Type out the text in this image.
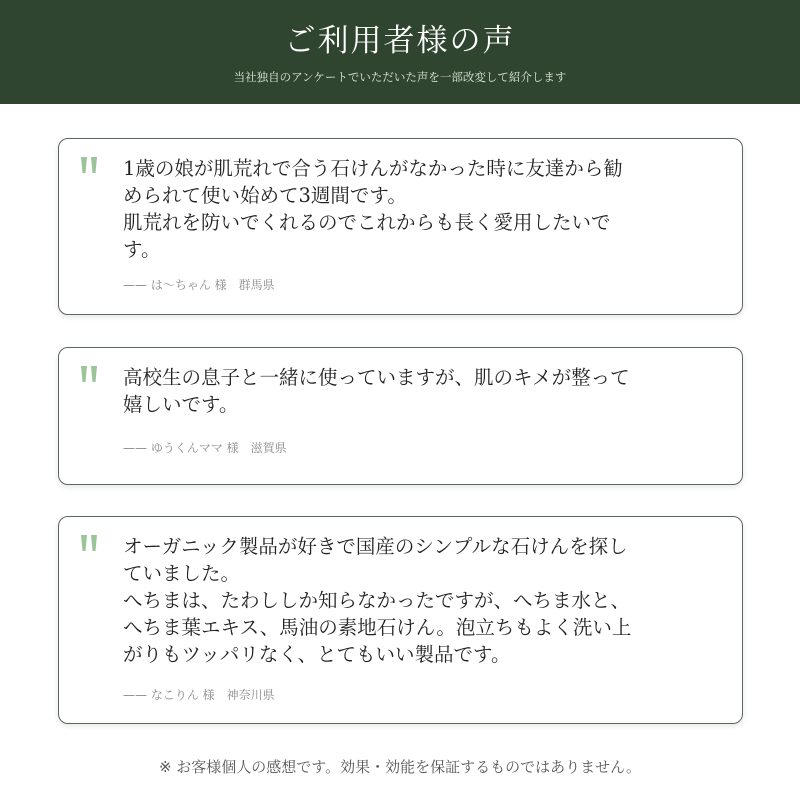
ご利用者様の声
当社独自のアンケートでいただいた声を一部改変して紹介します
1歳の娘が肌荒れで合う石けんがなかった時に友達から勧
められて使い始めて3週間です。
肌荒れを防いでくれるのでこれからも長く愛用したいで
す。
—— は〜ちゃん 様　群馬県
高校生の息子と一緒に使っていますが、肌のキメが整って
嬉しいです。
—— ゆうくんママ 様　滋賀県
オーガニック製品が好きで国産のシンプルな石けんを探し
ていました。
へちまは、たわししか知らなかったですが、へちま水と、
へちま葉エキス、馬油の素地石けん。泡立ちもよく洗い上
がりもツッパリなく、とてもいい製品です。
—— なこりん 様　神奈川県
※ お客様個人の感想です。効果・効能を保証するものではありません。
